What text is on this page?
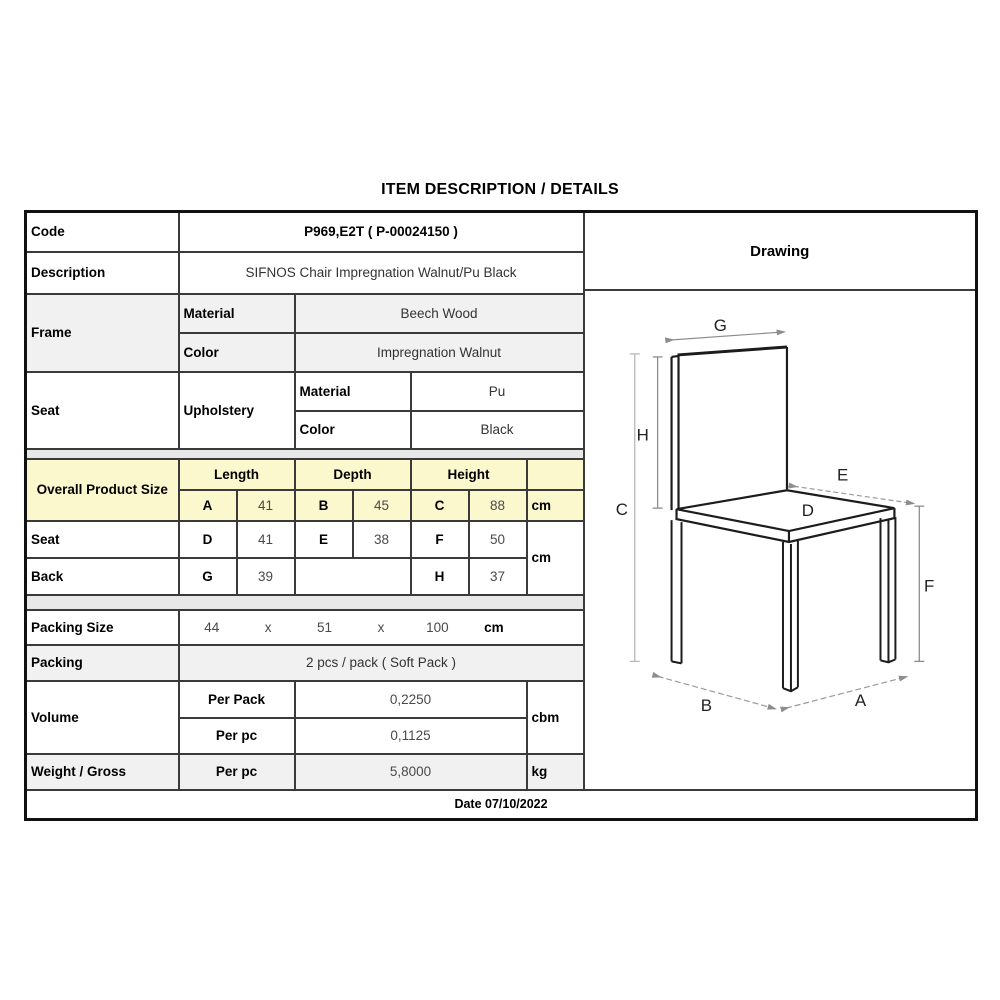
ITEM DESCRIPTION / DETAILS
Code	P969,E2T ( P-00024150 )	
Drawing
G
H
C
E
D
F
A
B

Description	SIFNOS Chair Impregnation Walnut/Pu Black							
Frame	Material		Beech Wood					
	Color		Impregnation Walnut					
Seat	Upholstery		Material		Pu			
			Color		Black			

Overall Product Size	Length		Depth		Height			
	A	41	B	45	C	88	cm	
Seat	D	41	E	38	F	50	cm	
Back	G	39			H	37		

Packing Size	44	x	51	x	100	cm

Packing	2 pcs / pack ( Soft Pack )							
Volume	Per Pack		0,2250				cbm	
	Per pc		0,1125					
Weight / Gross	Per pc		5,8000				kg	
Date 07/10/2022								
